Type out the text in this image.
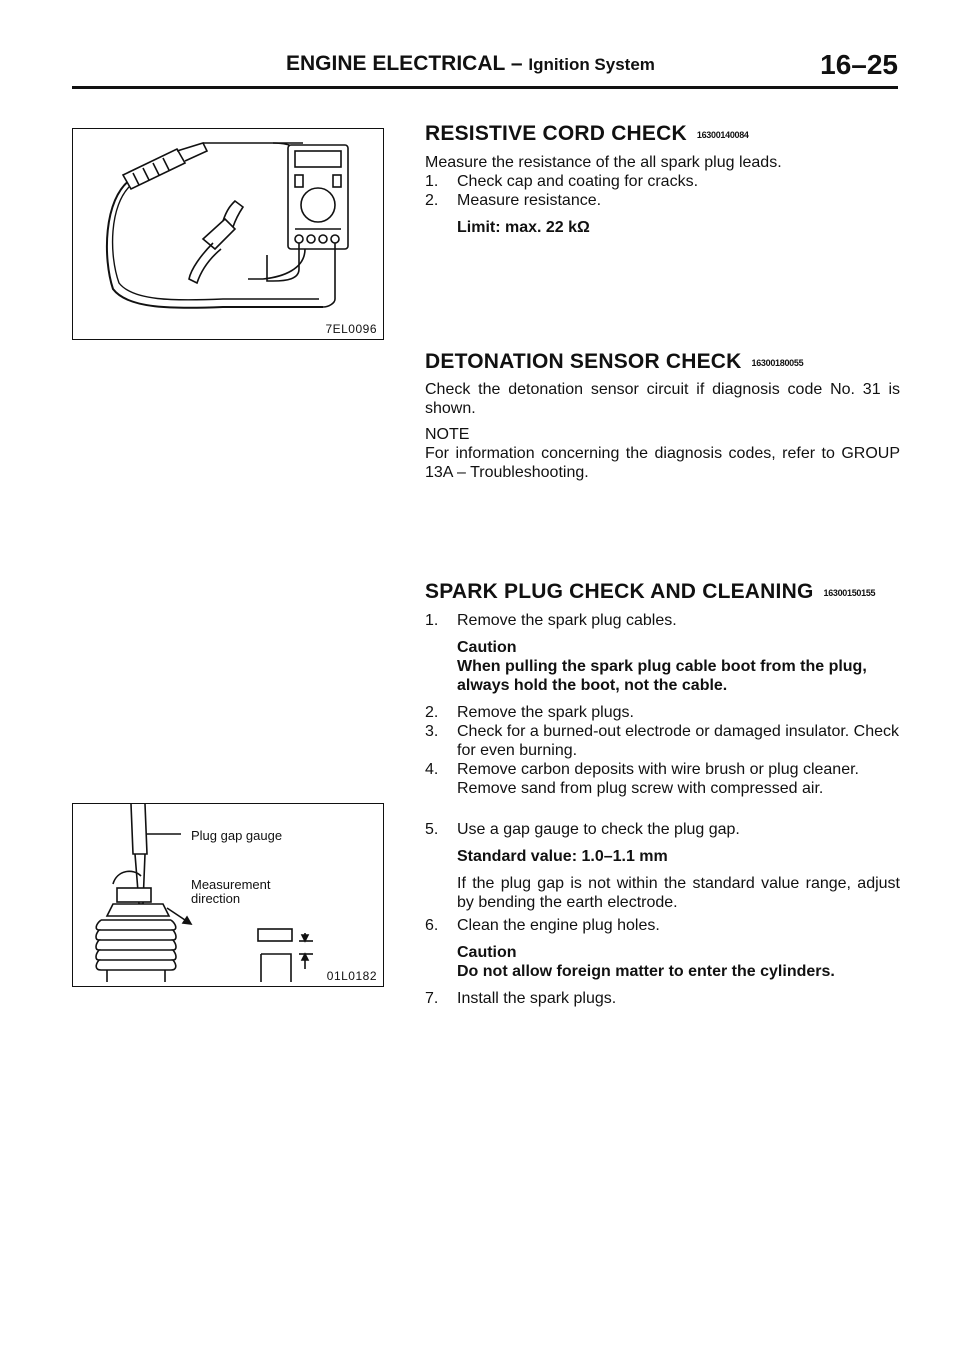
ENGINE ELECTRICAL – Ignition System	16–25
7EL0096
Plug gap gauge
Measurement
direction
01L0182
RESISTIVE CORD CHECK 16300140084

Measure the resistance of the all spark plug leads.

1.	Check cap and coating for cracks.
2.	Measure resistance.

Limit: max. 22 kΩ

DETONATION SENSOR CHECK 16300180055

Check the detonation sensor circuit if diagnosis code No. 31 is shown.

NOTE

For information concerning the diagnosis codes, refer to GROUP 13A – Troubleshooting.

SPARK PLUG CHECK AND CLEANING 16300150155
1.	Remove the spark plug cables.

Caution

When pulling the spark plug cable boot from the plug, always hold the boot, not the cable.

2.	Remove the spark plugs.
3.	Check for a burned-out electrode or damaged insulator. Check for even burning.
4.	Remove carbon deposits with wire brush or plug cleaner. Remove sand from plug screw with compressed air.
5.	Use a gap gauge to check the plug gap.

Standard value: 1.0–1.1 mm

If the plug gap is not within the standard value range, adjust by bending the earth electrode.

6.	Clean the engine plug holes.

Caution

Do not allow foreign matter to enter the cylinders.

7.	Install the spark plugs.
